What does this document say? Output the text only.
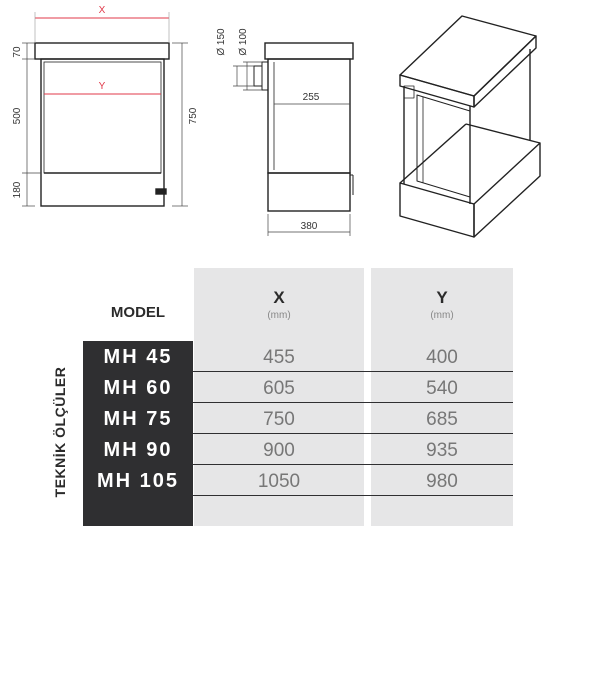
X
Y
70
500
180
750
Ø 150 Ø 100
255
380
MODEL
X
(mm)
Y
(mm)
TEKNİK ÖLÇÜLER
MH 45	455	400
MH 60	605	540
MH 75	750	685
MH 90	900	935
MH 105	1050	980
